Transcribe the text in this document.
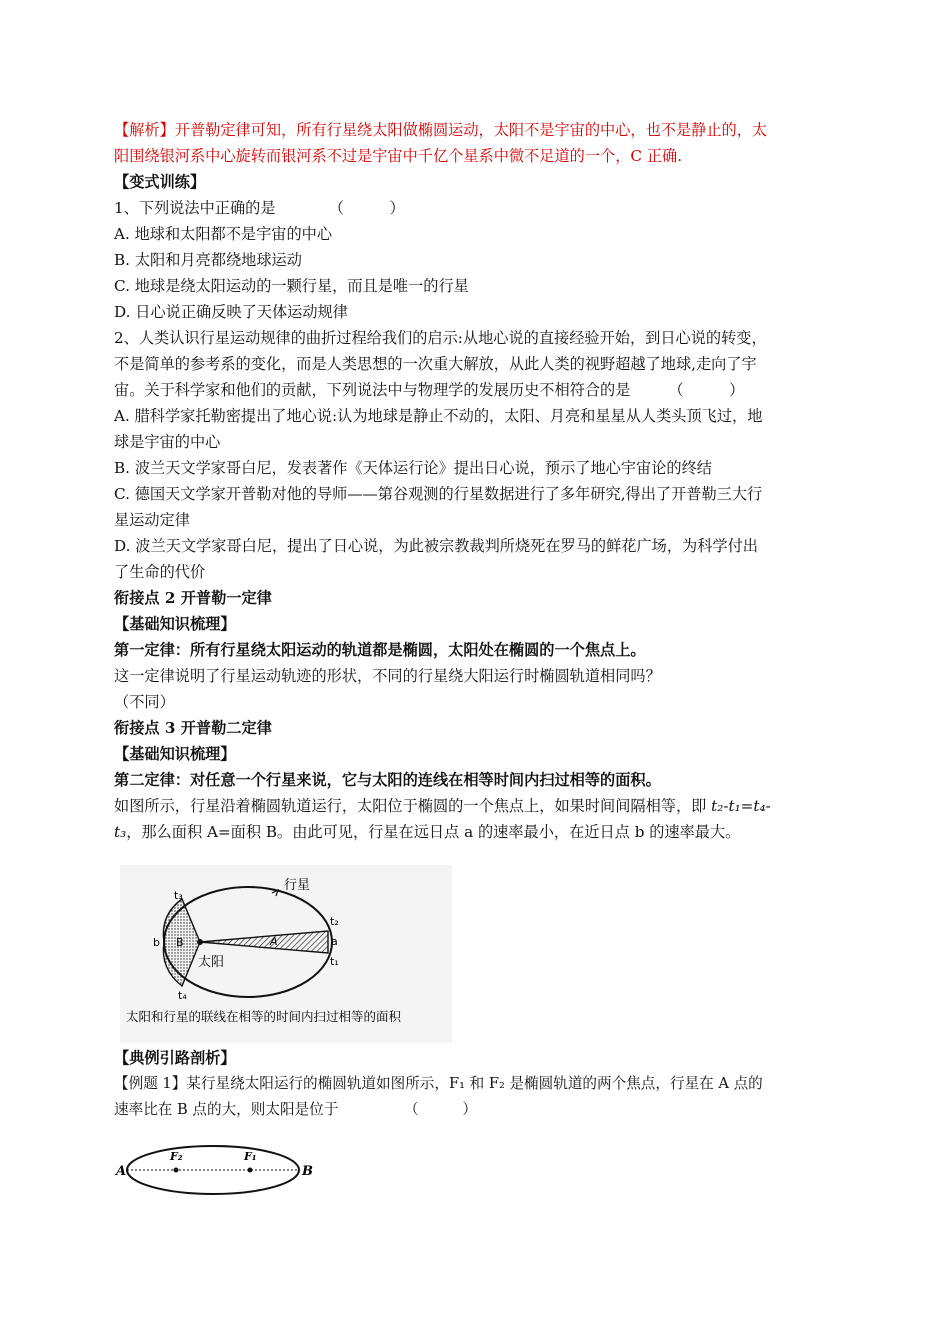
【解析】开普勒定律可知，所有行星绕太阳做椭圆运动，太阳不是宇宙的中心，也不是静止的，太

阳围绕银河系中心旋转而银河系不过是宇宙中千亿个星系中微不足道的一个，C 正确.

【变式训练】

1、下列说法中正确的是　　　　（　　　）

A. 地球和太阳都不是宇宙的中心

B. 太阳和月亮都绕地球运动

C. 地球是绕太阳运动的一颗行星，而且是唯一的行星

D. 日心说正确反映了天体运动规律

2、人类认识行星运动规律的曲折过程给我们的启示:从地心说的直接经验开始，到日心说的转变，

不是简单的参考系的变化，而是人类思想的一次重大解放，从此人类的视野超越了地球,走向了宇

宙。关于科学家和他们的贡献，下列说法中与物理学的发展历史不相符合的是　　　（　　　）

A. 腊科学家托勒密提出了地心说:认为地球是静止不动的，太阳、月亮和星星从人类头顶飞过，地

球是宇宙的中心

B. 波兰天文学家哥白尼，发表著作《天体运行论》提出日心说，预示了地心宇宙论的终结

C. 德国天文学家开普勒对他的导师——第谷观测的行星数据进行了多年研究,得出了开普勒三大行

星运动定律

D. 波兰天文学家哥白尼，提出了日心说，为此被宗教裁判所烧死在罗马的鲜花广场，为科学付出

了生命的代价

衔接点 2 开普勒一定律

【基础知识梳理】

第一定律：所有行星绕太阳运动的轨道都是椭圆，太阳处在椭圆的一个焦点上。

这一定律说明了行星运动轨迹的形状，不同的行星绕大阳运行时椭圆轨道相同吗？

（不同）

衔接点 3 开普勒二定律

【基础知识梳理】

第二定律：对任意一个行星来说，它与太阳的连线在相等时间内扫过相等的面积。

如图所示，行星沿着椭圆轨道运行，太阳位于椭圆的一个焦点上，如果时间间隔相等，即 t₂-t₁=t₄-

t₃，那么面积 A=面积 B。由此可见，行星在远日点 a 的速率最小，在近日点 b 的速率最大。

行星
太阳
t₃
t₄
t₂
t₁
a
b	A
B
太阳和行星的联线在相等的时间内扫过相等的面积

【典例引路剖析】

【例题 1】某行星绕太阳运行的椭圆轨道如图所示，F₁ 和 F₂ 是椭圆轨道的两个焦点，行星在 A 点的

速率比在 B 点的大，则太阳是位于　　　　　（　　　）

A	B
F₂	F₁
